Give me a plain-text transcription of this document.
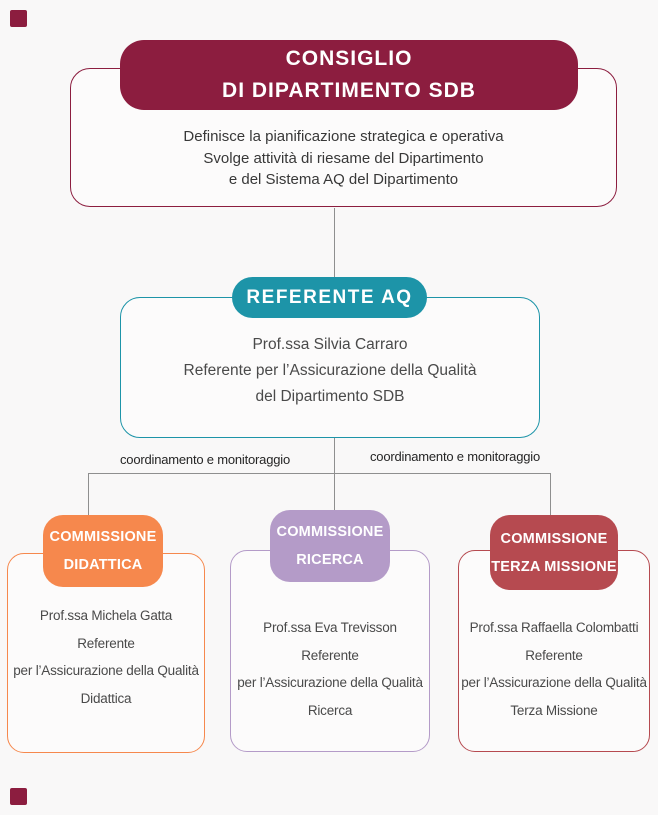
CONSIGLIO
DI DIPARTIMENTO SDB
Definisce la pianificazione strategica e operativa
Svolge attività di riesame del Dipartimento
e del Sistema AQ del Dipartimento
REFERENTE AQ
Prof.ssa Silvia Carraro
Referente per l’Assicurazione della Qualità
del Dipartimento SDB
coordinamento e monitoraggio	coordinamento e monitoraggio
COMMISSIONE
DIDATTICA
Prof.ssa Michela Gatta
Referente
per l’Assicurazione della Qualità
Didattica
COMMISSIONE
RICERCA
Prof.ssa Eva Trevisson
Referente
per l’Assicurazione della Qualità
Ricerca
COMMISSIONE
TERZA MISSIONE
Prof.ssa Raffaella Colombatti
Referente
per l’Assicurazione della Qualità
Terza Missione
